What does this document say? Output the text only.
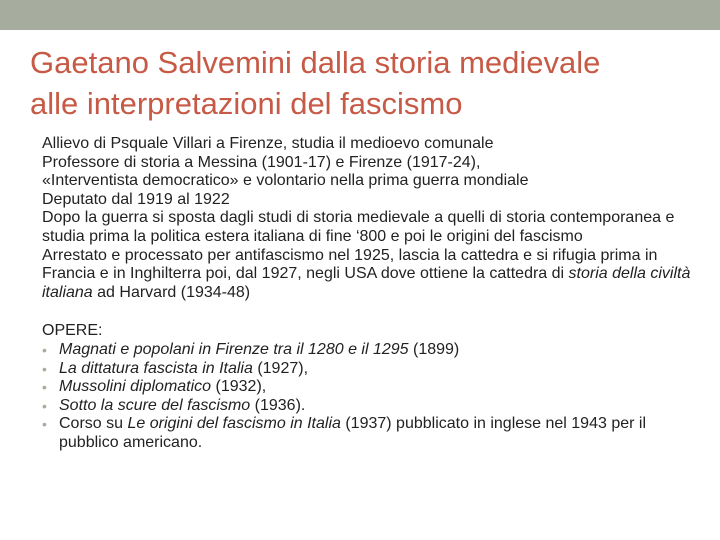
Gaetano Salvemini dalla storia medievale
alle interpretazioni del fascismo

Allievo di Psquale Villari a Firenze, studia il medioevo comunale

Professore di storia a Messina (1901-17) e Firenze (1917-24),

«Interventista democratico» e volontario nella prima guerra mondiale

Deputato dal 1919 al 1922

Dopo la guerra si sposta dagli studi di storia medievale a quelli di storia contemporanea e studia prima la politica estera italiana di fine ‘800 e poi le origini del fascismo

Arrestato e processato per antifascismo nel 1925, lascia la cattedra e si rifugia prima in Francia e in Inghilterra poi, dal 1927, negli USA dove ottiene la cattedra di storia della civiltà italiana ad Harvard (1934-48)

OPERE:

• Magnati e popolani in Firenze tra il 1280 e il 1295 (1899)
• La dittatura fascista in Italia (1927),
• Mussolini diplomatico (1932),
• Sotto la scure del fascismo (1936).
• Corso su Le origini del fascismo in Italia (1937) pubblicato in inglese nel 1943 per il pubblico americano.
